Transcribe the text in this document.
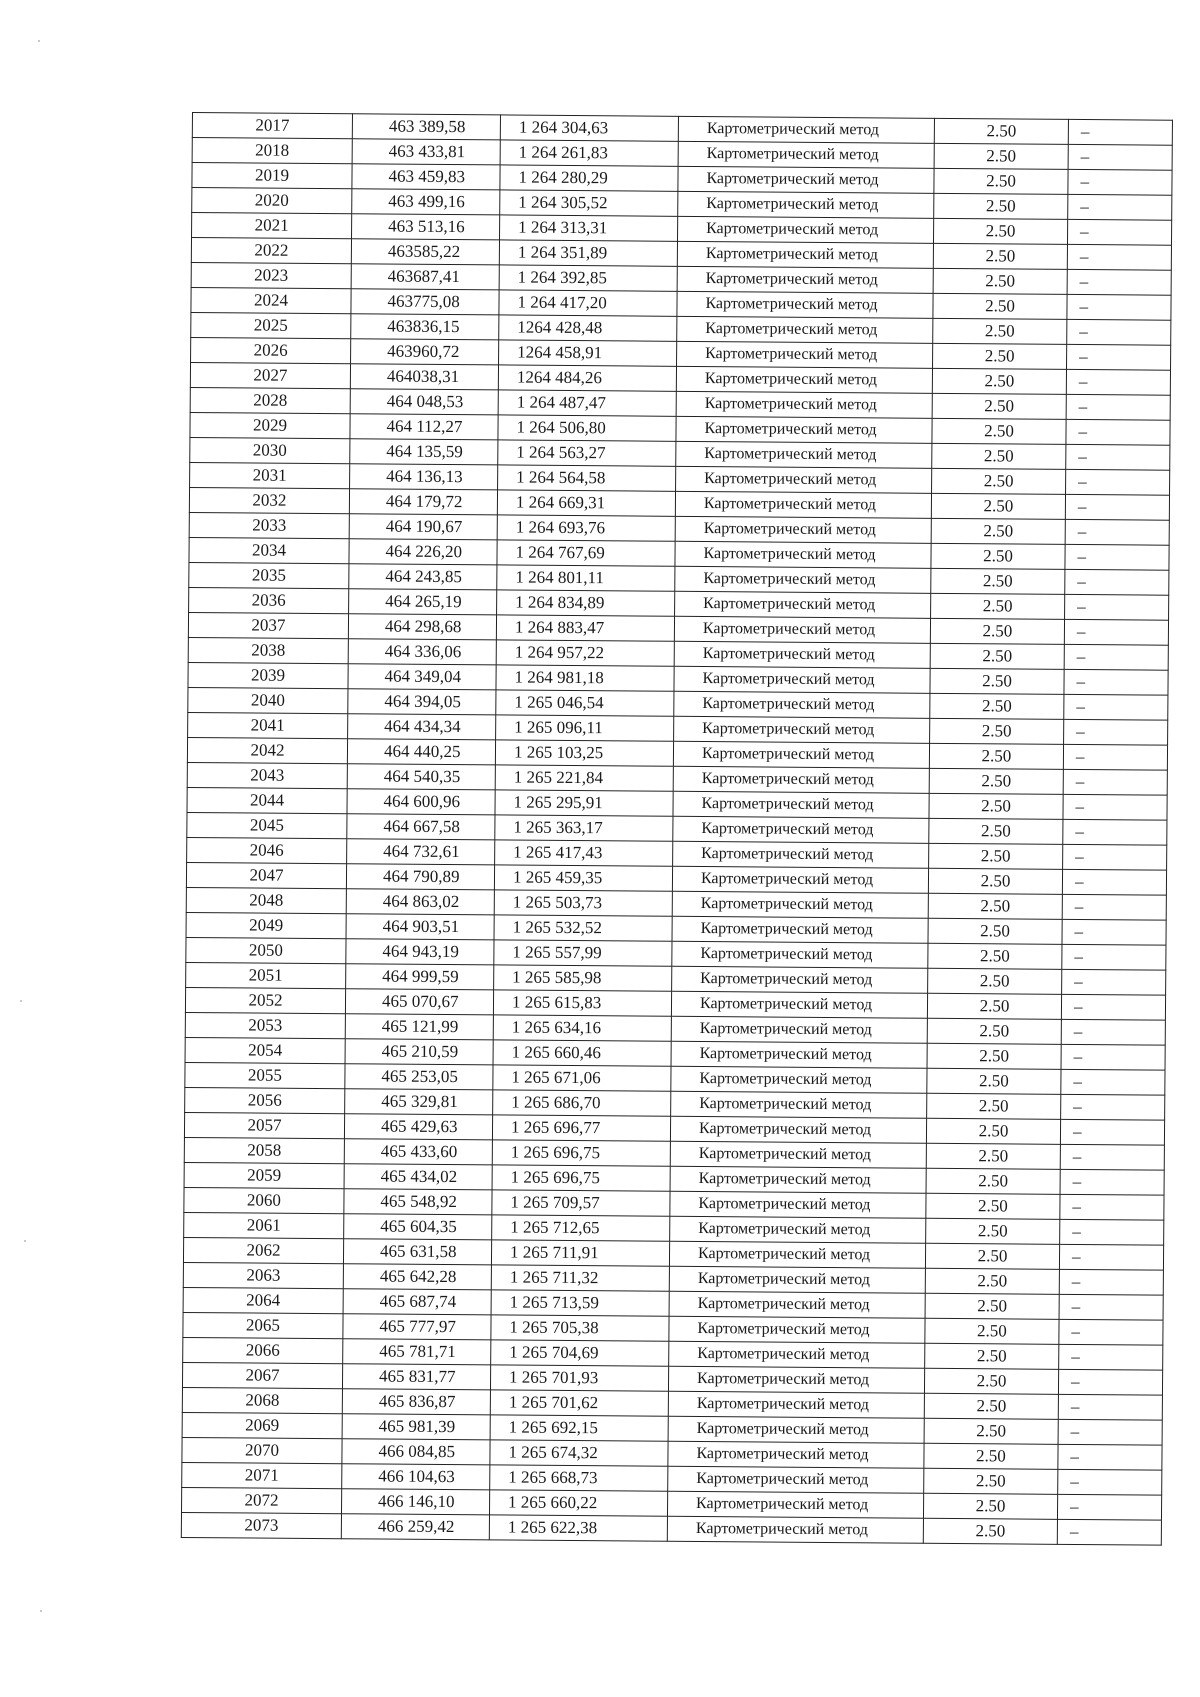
2017	463 389,58	1 264 304,63	Картометрический метод	2.50	–
2018	463 433,81	1 264 261,83	Картометрический метод	2.50	–
2019	463 459,83	1 264 280,29	Картометрический метод	2.50	–
2020	463 499,16	1 264 305,52	Картометрический метод	2.50	–
2021	463 513,16	1 264 313,31	Картометрический метод	2.50	–
2022	463585,22	1 264 351,89	Картометрический метод	2.50	–
2023	463687,41	1 264 392,85	Картометрический метод	2.50	–
2024	463775,08	1 264 417,20	Картометрический метод	2.50	–
2025	463836,15	1264 428,48	Картометрический метод	2.50	–
2026	463960,72	1264 458,91	Картометрический метод	2.50	–
2027	464038,31	1264 484,26	Картометрический метод	2.50	–
2028	464 048,53	1 264 487,47	Картометрический метод	2.50	–
2029	464 112,27	1 264 506,80	Картометрический метод	2.50	–
2030	464 135,59	1 264 563,27	Картометрический метод	2.50	–
2031	464 136,13	1 264 564,58	Картометрический метод	2.50	–
2032	464 179,72	1 264 669,31	Картометрический метод	2.50	–
2033	464 190,67	1 264 693,76	Картометрический метод	2.50	–
2034	464 226,20	1 264 767,69	Картометрический метод	2.50	–
2035	464 243,85	1 264 801,11	Картометрический метод	2.50	–
2036	464 265,19	1 264 834,89	Картометрический метод	2.50	–
2037	464 298,68	1 264 883,47	Картометрический метод	2.50	–
2038	464 336,06	1 264 957,22	Картометрический метод	2.50	–
2039	464 349,04	1 264 981,18	Картометрический метод	2.50	–
2040	464 394,05	1 265 046,54	Картометрический метод	2.50	–
2041	464 434,34	1 265 096,11	Картометрический метод	2.50	–
2042	464 440,25	1 265 103,25	Картометрический метод	2.50	–
2043	464 540,35	1 265 221,84	Картометрический метод	2.50	–
2044	464 600,96	1 265 295,91	Картометрический метод	2.50	–
2045	464 667,58	1 265 363,17	Картометрический метод	2.50	–
2046	464 732,61	1 265 417,43	Картометрический метод	2.50	–
2047	464 790,89	1 265 459,35	Картометрический метод	2.50	–
2048	464 863,02	1 265 503,73	Картометрический метод	2.50	–
2049	464 903,51	1 265 532,52	Картометрический метод	2.50	–
2050	464 943,19	1 265 557,99	Картометрический метод	2.50	–
2051	464 999,59	1 265 585,98	Картометрический метод	2.50	–
2052	465 070,67	1 265 615,83	Картометрический метод	2.50	–
2053	465 121,99	1 265 634,16	Картометрический метод	2.50	–
2054	465 210,59	1 265 660,46	Картометрический метод	2.50	–
2055	465 253,05	1 265 671,06	Картометрический метод	2.50	–
2056	465 329,81	1 265 686,70	Картометрический метод	2.50	–
2057	465 429,63	1 265 696,77	Картометрический метод	2.50	–
2058	465 433,60	1 265 696,75	Картометрический метод	2.50	–
2059	465 434,02	1 265 696,75	Картометрический метод	2.50	–
2060	465 548,92	1 265 709,57	Картометрический метод	2.50	–
2061	465 604,35	1 265 712,65	Картометрический метод	2.50	–
2062	465 631,58	1 265 711,91	Картометрический метод	2.50	–
2063	465 642,28	1 265 711,32	Картометрический метод	2.50	–
2064	465 687,74	1 265 713,59	Картометрический метод	2.50	–
2065	465 777,97	1 265 705,38	Картометрический метод	2.50	–
2066	465 781,71	1 265 704,69	Картометрический метод	2.50	–
2067	465 831,77	1 265 701,93	Картометрический метод	2.50	–
2068	465 836,87	1 265 701,62	Картометрический метод	2.50	–
2069	465 981,39	1 265 692,15	Картометрический метод	2.50	–
2070	466 084,85	1 265 674,32	Картометрический метод	2.50	–
2071	466 104,63	1 265 668,73	Картометрический метод	2.50	–
2072	466 146,10	1 265 660,22	Картометрический метод	2.50	–
2073	466 259,42	1 265 622,38	Картометрический метод	2.50	–
